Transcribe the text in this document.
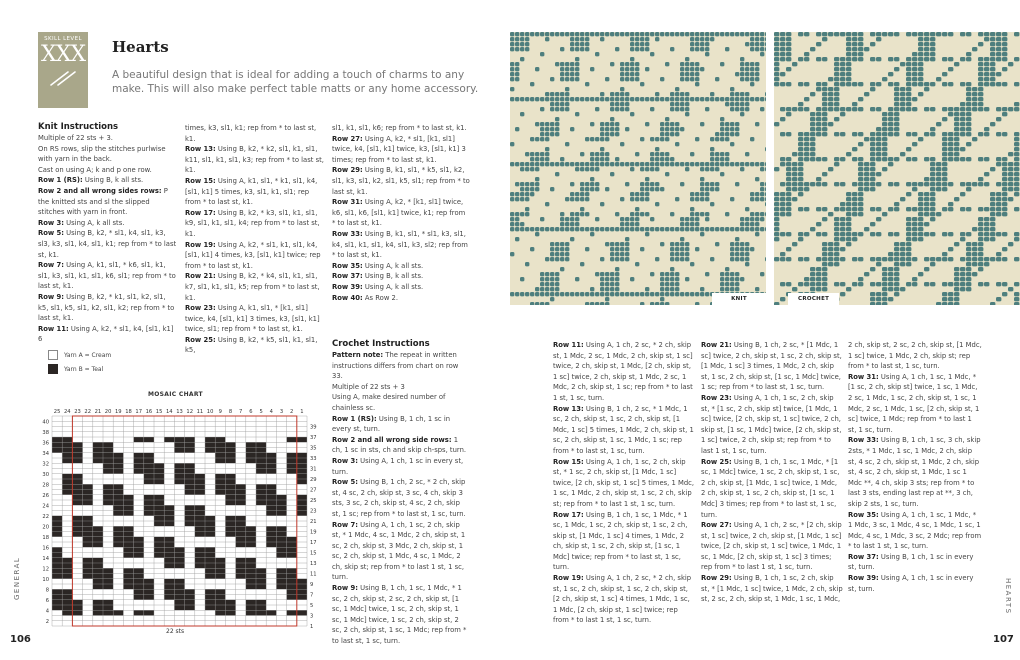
SKILL LEVEL
XXX Hearts
A beautiful design that is ideal for adding a touch of charms to any make. This will also make perfect table matts or any home accessory.
Knit Instructions

Multiple of 22 sts + 3.

On RS rows, slip the stitches purlwise with yarn in the back.

Cast on using A; k and p one row.

Row 1 (RS): Using B, k all sts.

Row 2 and all wrong sides rows: P the knitted sts and sl the slipped stitches with yarn in front.

Row 3: Using A, k all sts.

Row 5: Using B, k2, * sl1, k4, sl1, k3, sl3, k3, sl1, k4, sl1, k1; rep from * to last st, k1.

Row 7: Using A, k1, sl1, * k6, sl1, k1, sl1, k3, sl1, k1, sl1, k6, sl1; rep from * to last st, k1.

Row 9: Using B, k2, * k1, sl1, k2, sl1, k5, sl1, k5, sl1, k2, sl1, k2; rep from * to last st, k1.

Row 11: Using A, k2, * sl1, k4, [sl1, k1] 6

times, k3, sl1, k1; rep from * to last st, k1.

Row 13: Using B, k2, * k2, sl1, k1, sl1, k11, sl1, k1, sl1, k3; rep from * to last st, k1.

Row 15: Using A, k1, sl1, * k1, sl1, k4, [sl1, k1] 5 times, k3, sl1, k1, sl1; rep from * to last st, k1.

Row 17: Using B, k2, * k3, sl1, k1, sl1, k9, sl1, k1, sl1, k4; rep from * to last st, k1.

Row 19: Using A, k2, * sl1, k1, sl1, k4, [sl1, k1] 4 times, k3, [sl1, k1] twice; rep from * to last st, k1.

Row 21: Using B, k2, * k4, sl1, k1, sl1, k7, sl1, k1, sl1, k5; rep from * to last st, k1.

Row 23: Using A, k1, sl1, * [k1, sl1] twice, k4, [sl1, k1] 3 times, k3, [sl1, k1] twice, sl1; rep from * to last st, k1.

Row 25: Using B, k2, * k5, sl1, k1, sl1, k5,

sl1, k1, sl1, k6; rep from * to last st, k1.

Row 27: Using A, k2, * sl1, [k1, sl1] twice, k4, [sl1, k1] twice, k3, [sl1, k1] 3 times; rep from * to last st, k1.

Row 29: Using B, k1, sl1, * k5, sl1, k2, sl1, k3, sl1, k2, sl1, k5, sl1; rep from * to last st, k1.

Row 31: Using A, k2, * [k1, sl1] twice, k6, sl1, k6, [sl1, k1] twice, k1; rep from * to last st, k1.

Row 33: Using B, k1, sl1, * sl1, k3, sl1, k4, sl1, k1, sl1, k4, sl1, k3, sl2; rep from * to last st, k1.

Row 35: Using A, k all sts.

Row 37: Using B, k all sts.

Row 39: Using A, k all sts.

Row 40: As Row 2.

Yarn A = Cream
Yarn B = Teal
MOSAIC CHART
25 24 23 22 21 20 19 18 17 16 15 14 13 12 11 10 9 8 7 6 5 4 3 2 1
40
38
36
34
32
30
28
26
24
22
20
18
16
14
12
10
8
6
4
2
39
37
35
33
31
29
27
25
23
21
19
17
15
13
11
9
7
5
3
1
22 sts
Crochet Instructions

Pattern note: The repeat in written instructions differs from chart on row 33.

Multiple of 22 sts + 3

Using A, make desired number of chainless sc.

Row 1 (RS): Using B, 1 ch, 1 sc in every st, turn.

Row 2 and all wrong side rows: 1 ch, 1 sc in sts, ch and skip ch-sps, turn.

Row 3: Using A, 1 ch, 1 sc in every st, turn.

Row 5: Using B, 1 ch, 2 sc, * 2 ch, skip st, 4 sc, 2 ch, skip st, 3 sc, 4 ch, skip 3 sts, 3 sc, 2 ch, skip st, 4 sc, 2 ch, skip st, 1 sc; rep from * to last st, 1 sc, turn.

Row 7: Using A, 1 ch, 1 sc, 2 ch, skip st, * 1 Mdc, 4 sc, 1 Mdc, 2 ch, skip st, 1 sc, 2 ch, skip st, 3 Mdc, 2 ch, skip st, 1 sc, 2 ch, skip st, 1 Mdc, 4 sc, 1 Mdc, 2 ch, skip st; rep from * to last 1 st, 1 sc, turn.

Row 9: Using B, 1 ch, 1 sc, 1 Mdc, * 1 sc, 2 ch, skip st, 2 sc, 2 ch, skip st, [1 sc, 1 Mdc] twice, 1 sc, 2 ch, skip st, 1 sc, 1 Mdc] twice, 1 sc, 2 ch, skip st, 2 sc, 2 ch, skip st, 1 sc, 1 Mdc; rep from * to last st, 1 sc, turn.

GENERAL
106
KNIT	CROCHET

Row 11: Using A, 1 ch, 2 sc, * 2 ch, skip st, 1 Mdc, 2 sc, 1 Mdc, 2 ch, skip st, 1 sc] twice, 2 ch, skip st, 1 Mdc, [2 ch, skip st, 1 sc] twice, 2 ch, skip st, 1 Mdc, 2 sc, 1 Mdc, 2 ch, skip st, 1 sc; rep from * to last 1 st, 1 sc, turn.

Row 13: Using B, 1 ch, 2 sc, * 1 Mdc, 1 sc, 2 ch, skip st, 1 sc, 2 ch, skip st, [1 Mdc, 1 sc] 5 times, 1 Mdc, 2 ch, skip st, 1 sc, 2 ch, skip st, 1 sc, 1 Mdc, 1 sc; rep from * to last st, 1 sc, turn.

Row 15: Using A, 1 ch, 1 sc, 2 ch, skip st, * 1 sc, 2 ch, skip st, [1 Mdc, 1 sc] twice, [2 ch, skip st, 1 sc] 5 times, 1 Mdc, 1 sc, 1 Mdc, 2 ch, skip st, 1 sc, 2 ch, skip st; rep from * to last 1 st, 1 sc, turn.

Row 17: Using B, 1 ch, 1 sc, 1 Mdc, * 1 sc, 1 Mdc, 1 sc, 2 ch, skip st, 1 sc, 2 ch, skip st, [1 Mdc, 1 sc] 4 times, 1 Mdc, 2 ch, skip st, 1 sc, 2 ch, skip st, [1 sc, 1 Mdc] twice; rep from * to last st, 1 sc, turn.

Row 19: Using A, 1 ch, 2 sc, * 2 ch, skip st, 1 sc, 2 ch, skip st, 1 sc, 2 ch, skip st, [2 ch, skip st, 1 sc] 4 times, 1 Mdc, 1 sc, 1 Mdc, [2 ch, skip st, 1 sc] twice; rep from * to last 1 st, 1 sc, turn.

Row 21: Using B, 1 ch, 2 sc, * [1 Mdc, 1 sc] twice, 2 ch, skip st, 1 sc, 2 ch, skip st, [1 Mdc, 1 sc] 3 times, 1 Mdc, 2 ch, skip st, 1 sc, 2 ch, skip st, [1 sc, 1 Mdc] twice, 1 sc; rep from * to last st, 1 sc, turn.

Row 23: Using A, 1 ch, 1 sc, 2 ch, skip st, * [1 sc, 2 ch, skip st] twice, [1 Mdc, 1 sc] twice, [2 ch, skip st, 1 sc] twice, 2 ch, skip st, [1 sc, 1 Mdc] twice, [2 ch, skip st, 1 sc] twice, 2 ch, skip st; rep from * to last 1 st, 1 sc, turn.

Row 25: Using B, 1 ch, 1 sc, 1 Mdc, * [1 sc, 1 Mdc] twice, 1 sc, 2 ch, skip st, 1 sc, 2 ch, skip st, [1 Mdc, 1 sc] twice, 1 Mdc, 2 ch, skip st, 1 sc, 2 ch, skip st, [1 sc, 1 Mdc] 3 times; rep from * to last st, 1 sc, turn.

Row 27: Using A, 1 ch, 2 sc, * [2 ch, skip st, 1 sc] twice, 2 ch, skip st, [1 Mdc, 1 sc] twice, [2 ch, skip st, 1 sc] twice, 1 Mdc, 1 sc, 1 Mdc, [2 ch, skip st, 1 sc] 3 times; rep from * to last 1 st, 1 sc, turn.

Row 29: Using B, 1 ch, 1 sc, 2 ch, skip st, * [1 Mdc, 1 sc] twice, 1 Mdc, 2 ch, skip st, 2 sc, 2 ch, skip st, 1 Mdc, 1 sc, 1 Mdc,

2 ch, skip st, 2 sc, 2 ch, skip st, [1 Mdc, 1 sc] twice, 1 Mdc, 2 ch, skip st; rep from * to last st, 1 sc, turn.

Row 31: Using A, 1 ch, 1 sc, 1 Mdc, * [1 sc, 2 ch, skip st] twice, 1 sc, 1 Mdc, 2 sc, 1 Mdc, 1 sc, 2 ch, skip st, 1 sc, 1 Mdc, 2 sc, 1 Mdc, 1 sc, [2 ch, skip st, 1 sc] twice, 1 Mdc; rep from * to last 1 st, 1 sc, turn.

Row 33: Using B, 1 ch, 1 sc, 3 ch, skip 2sts, * 1 Mdc, 1 sc, 1 Mdc, 2 ch, skip st, 4 sc, 2 ch, skip st, 1 Mdc, 2 ch, skip st, 4 sc, 2 ch, skip st, 1 Mdc, 1 sc 1 Mdc **, 4 ch, skip 3 sts; rep from * to last 3 sts, ending last rep at **, 3 ch, skip 2 sts, 1 sc, turn.

Row 35: Using A, 1 ch, 1 sc, 1 Mdc, * 1 Mdc, 3 sc, 1 Mdc, 4 sc, 1 Mdc, 1 sc, 1 Mdc, 4 sc, 1 Mdc, 3 sc, 2 Mdc; rep from * to last 1 st, 1 sc, turn.

Row 37: Using B, 1 ch, 1 sc in every st, turn.

Row 39: Using A, 1 ch, 1 sc in every st, turn.	HEARTS
107
